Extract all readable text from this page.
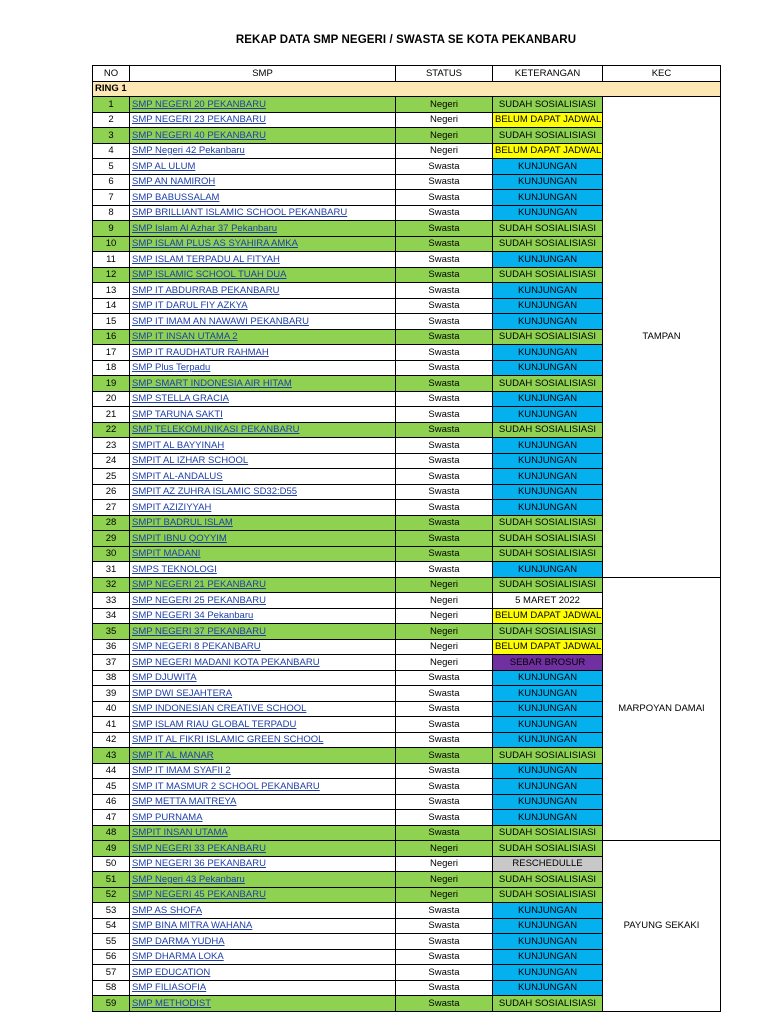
REKAP DATA SMP NEGERI / SWASTA SE KOTA PEKANBARU
NO	SMP	STATUS	KETERANGAN	KEC
RING 1				
1	SMP NEGERI 20 PEKANBARU	Negeri	SUDAH SOSIALISIASI	TAMPAN
2	SMP NEGERI 23 PEKANBARU	Negeri	BELUM DAPAT JADWAL	
3	SMP NEGERI 40 PEKANBARU	Negeri	SUDAH SOSIALISIASI	
4	SMP Negeri 42 Pekanbaru	Negeri	BELUM DAPAT JADWAL	
5	SMP AL ULUM	Swasta	KUNJUNGAN	
6	SMP AN NAMIROH	Swasta	KUNJUNGAN	
7	SMP BABUSSALAM	Swasta	KUNJUNGAN	
8	SMP BRILLIANT ISLAMIC SCHOOL PEKANBARU	Swasta	KUNJUNGAN	
9	SMP Islam Al Azhar 37 Pekanbaru	Swasta	SUDAH SOSIALISIASI	
10	SMP ISLAM PLUS AS SYAHIRA AMKA	Swasta	SUDAH SOSIALISIASI	
11	SMP ISLAM TERPADU AL FITYAH	Swasta	KUNJUNGAN	
12	SMP ISLAMIC SCHOOL TUAH DUA	Swasta	SUDAH SOSIALISIASI	
13	SMP IT ABDURRAB PEKANBARU	Swasta	KUNJUNGAN	
14	SMP IT DARUL FIY AZKYA	Swasta	KUNJUNGAN	
15	SMP IT IMAM AN NAWAWI PEKANBARU	Swasta	KUNJUNGAN	
16	SMP IT INSAN UTAMA 2	Swasta	SUDAH SOSIALISIASI	
17	SMP IT RAUDHATUR RAHMAH	Swasta	KUNJUNGAN	
18	SMP Plus Terpadu	Swasta	KUNJUNGAN	
19	SMP SMART INDONESIA AIR HITAM	Swasta	SUDAH SOSIALISIASI	
20	SMP STELLA GRACIA	Swasta	KUNJUNGAN	
21	SMP TARUNA SAKTI	Swasta	KUNJUNGAN	
22	SMP TELEKOMUNIKASI PEKANBARU	Swasta	SUDAH SOSIALISIASI	
23	SMPIT AL BAYYINAH	Swasta	KUNJUNGAN	
24	SMPIT AL IZHAR SCHOOL	Swasta	KUNJUNGAN	
25	SMPIT AL-ANDALUS	Swasta	KUNJUNGAN	
26	SMPIT AZ ZUHRA ISLAMIC SD32:D55	Swasta	KUNJUNGAN	
27	SMPIT AZIZIYYAH	Swasta	KUNJUNGAN	
28	SMPIT BADRUL ISLAM	Swasta	SUDAH SOSIALISIASI	
29	SMPIT IBNU QOYYIM	Swasta	SUDAH SOSIALISIASI	
30	SMPIT MADANI	Swasta	SUDAH SOSIALISIASI	
31	SMPS TEKNOLOGI	Swasta	KUNJUNGAN	
32	SMP NEGERI 21 PEKANBARU	Negeri	SUDAH SOSIALISIASI	MARPOYAN DAMAI
33	SMP NEGERI 25 PEKANBARU	Negeri	5 MARET 2022	
34	SMP NEGERI 34 Pekanbaru	Negeri	BELUM DAPAT JADWAL	
35	SMP NEGERI 37 PEKANBARU	Negeri	SUDAH SOSIALISIASI	
36	SMP NEGERI 8 PEKANBARU	Negeri	BELUM DAPAT JADWAL	
37	SMP NEGERI MADANI KOTA PEKANBARU	Negeri	SEBAR BROSUR	
38	SMP DJUWITA	Swasta	KUNJUNGAN	
39	SMP DWI SEJAHTERA	Swasta	KUNJUNGAN	
40	SMP INDONESIAN CREATIVE SCHOOL	Swasta	KUNJUNGAN	
41	SMP ISLAM RIAU GLOBAL TERPADU	Swasta	KUNJUNGAN	
42	SMP IT AL FIKRI ISLAMIC GREEN SCHOOL	Swasta	KUNJUNGAN	
43	SMP IT AL MANAR	Swasta	SUDAH SOSIALISIASI	
44	SMP IT IMAM SYAFII 2	Swasta	KUNJUNGAN	
45	SMP IT MASMUR 2 SCHOOL PEKANBARU	Swasta	KUNJUNGAN	
46	SMP METTA MAITREYA	Swasta	KUNJUNGAN	
47	SMP PURNAMA	Swasta	KUNJUNGAN	
48	SMPIT INSAN UTAMA	Swasta	SUDAH SOSIALISIASI	
49	SMP NEGERI 33 PEKANBARU	Negeri	SUDAH SOSIALISIASI	PAYUNG SEKAKI
50	SMP NEGERI 36 PEKANBARU	Negeri	RESCHEDULLE	
51	SMP Negeri 43 Pekanbaru	Negeri	SUDAH SOSIALISIASI	
52	SMP NEGERI 45 PEKANBARU	Negeri	SUDAH SOSIALISIASI	
53	SMP AS SHOFA	Swasta	KUNJUNGAN	
54	SMP BINA MITRA WAHANA	Swasta	KUNJUNGAN	
55	SMP DARMA YUDHA	Swasta	KUNJUNGAN	
56	SMP DHARMA LOKA	Swasta	KUNJUNGAN	
57	SMP EDUCATION	Swasta	KUNJUNGAN	
58	SMP FILIASOFIA	Swasta	KUNJUNGAN	
59	SMP METHODIST	Swasta	SUDAH SOSIALISIASI	
